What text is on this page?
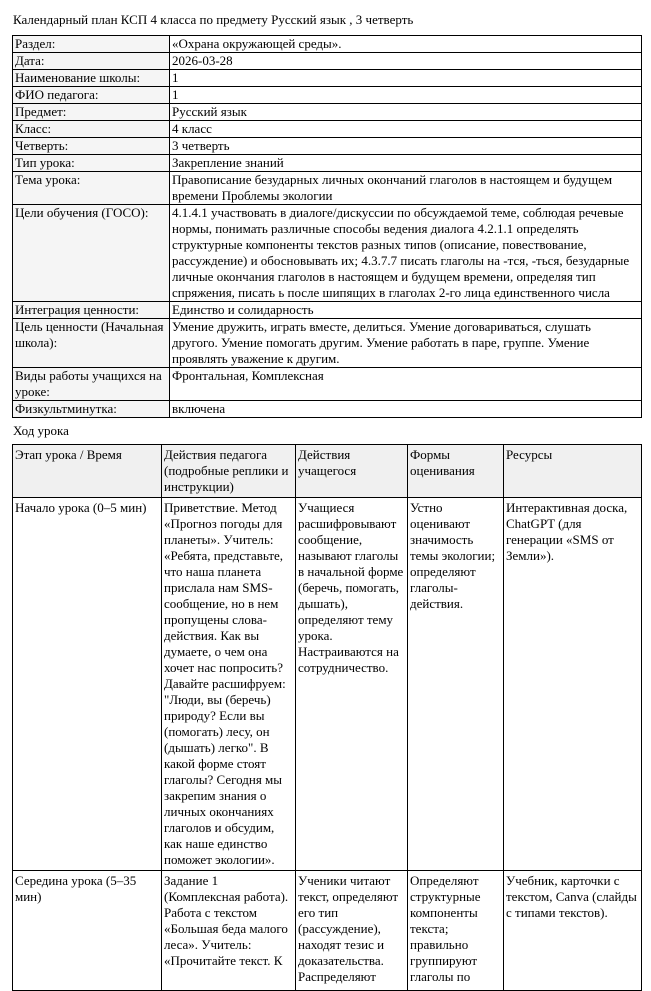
Календарный план КСП 4 класса по предмету Русский язык , 3 четверть
Раздел:	«Охрана окружающей среды».
Дата:	2026-03-28
Наименование школы:	1
ФИО педагога:	1
Предмет:	Русский язык
Класс:	4 класс
Четверть:	3 четверть
Тип урока:	Закрепление знаний
Тема урока:	Правописание безударных личных окончаний глаголов в настоящем и будущем времени Проблемы экологии
Цели обучения (ГОСО):	4.1.4.1 участвовать в диалоге/дискуссии по обсуждаемой теме, соблюдая речевые нормы, понимать различные способы ведения диалога 4.2.1.1 определять структурные компоненты текстов разных типов (описание, повествование, рассуждение) и обосновывать их; 4.3.7.7 писать глаголы на -тся, -ться, безударные личные окончания глаголов в настоящем и будущем времени, определяя тип спряжения, писать ь после шипящих в глаголах 2-го лица единственного числа
Интеграция ценности:	Единство и солидарность
Цель ценности (Начальная школа):	Умение дружить, играть вместе, делиться. Умение договариваться, слушать другого. Умение помогать другим. Умение работать в паре, группе. Умение проявлять уважение к другим.
Виды работы учащихся на уроке:	Фронтальная, Комплексная
Физкультминутка:	включена
Ход урока
Этап урока / Время	Действия педагога (подробные реплики и инструкции)	Действия учащегося	Формы оценивания	Ресурсы
Начало урока (0–5 мин)	Приветствие. Метод «Прогноз погоды для планеты». Учитель: «Ребята, представьте, что наша планета прислала нам SMS-сообщение, но в нем пропущены слова-действия. Как вы думаете, о чем она хочет нас попросить? Давайте расшифруем: "Люди, вы (беречь) природу? Если вы (помогать) лесу, он (дышать) легко". В какой форме стоят глаголы? Сегодня мы закрепим знания о личных окончаниях глаголов и обсудим, как наше единство поможет экологии».	Учащиеся расшифровывают сообщение, называют глаголы в начальной форме (беречь, помогать, дышать), определяют тему урока. Настраиваются на сотрудничество.	Устно оценивают значимость темы экологии; определяют глаголы-действия.	Интерактивная доска, ChatGPT (для генерации «SMS от Земли»).
Середина урока (5–35 мин)	Задание 1 (Комплексная работа). Работа с текстом «Большая беда малого леса». Учитель: «Прочитайте текст. К	Ученики читают текст, определяют его тип (рассуждение), находят тезис и доказательства. Распределяют	Определяют структурные компоненты текста; правильно группируют глаголы по	Учебник, карточки с текстом, Canva (слайды с типами текстов).
